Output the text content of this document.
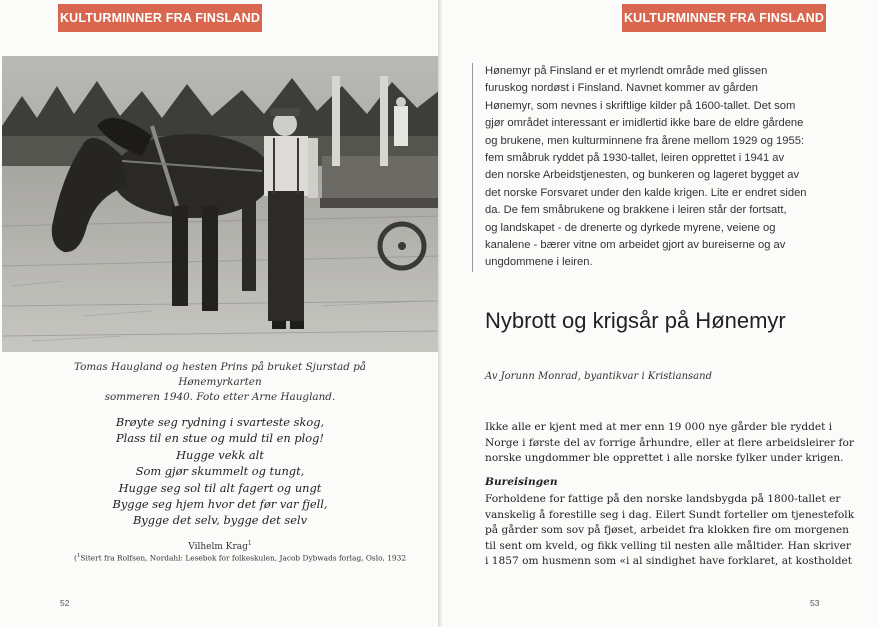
KULTURMINNER FRA FINSLAND
Tomas Haugland og hesten Prins på bruket Sjurstad på Hønemyrkarten
sommeren 1940. Foto etter Arne Haugland.
Brøyte seg rydning i svarteste skog,
Plass til en stue og muld til en plog!
Hugge vekk alt
Som gjør skummelt og tungt,
Hugge seg sol til alt fagert og ungt
Bygge seg hjem hvor det før var fjell,
Bygge det selv, bygge det selv
Vilhelm Krag$^1$
($^1$Sitert fra Rolfsen, Nordahl: Lesebok for folkeskulen, Jacob Dybwads forlag, Oslo, 1932
52
KULTURMINNER FRA FINSLAND
Hønemyr på Finsland er et myrlendt område med glissen
furuskog nordøst i Finsland. Navnet kommer av gården
Hønemyr, som nevnes i skriftlige kilder på 1600-tallet. Det som
gjør området interessant er imidlertid ikke bare de eldre gårdene
og brukene, men kulturminnene fra årene mellom 1929 og 1955:
fem småbruk ryddet på 1930-tallet, leiren opprettet i 1941 av
den norske Arbeidstjenesten, og bunkeren og lageret bygget av
det norske Forsvaret under den kalde krigen. Lite er endret siden
da. De fem småbrukene og brakkene i leiren står der fortsatt,
og landskapet - de drenerte og dyrkede myrene, veiene og
kanalene - bærer vitne om arbeidet gjort av bureiserne og av
ungdommene i leiren.
Nybrott og krigsår på Hønemyr
Av Jorunn Monrad, byantikvar i Kristiansand
Ikke alle er kjent med at mer enn 19 000 nye gårder ble ryddet i
Norge i første del av forrige århundre, eller at flere arbeidsleirer for
norske ungdommer ble opprettet i alle norske fylker under krigen.
Bureisingen
Forholdene for fattige på den norske landsbygda på 1800-tallet er
vanskelig å forestille seg i dag. Eilert Sundt forteller om tjenestefolk
på gårder som sov på fjøset, arbeidet fra klokken fire om morgenen
til sent om kveld, og fikk velling til nesten alle måltider. Han skriver
i 1857 om husmenn som «i al sindighet have forklaret, at kostholdet
53
